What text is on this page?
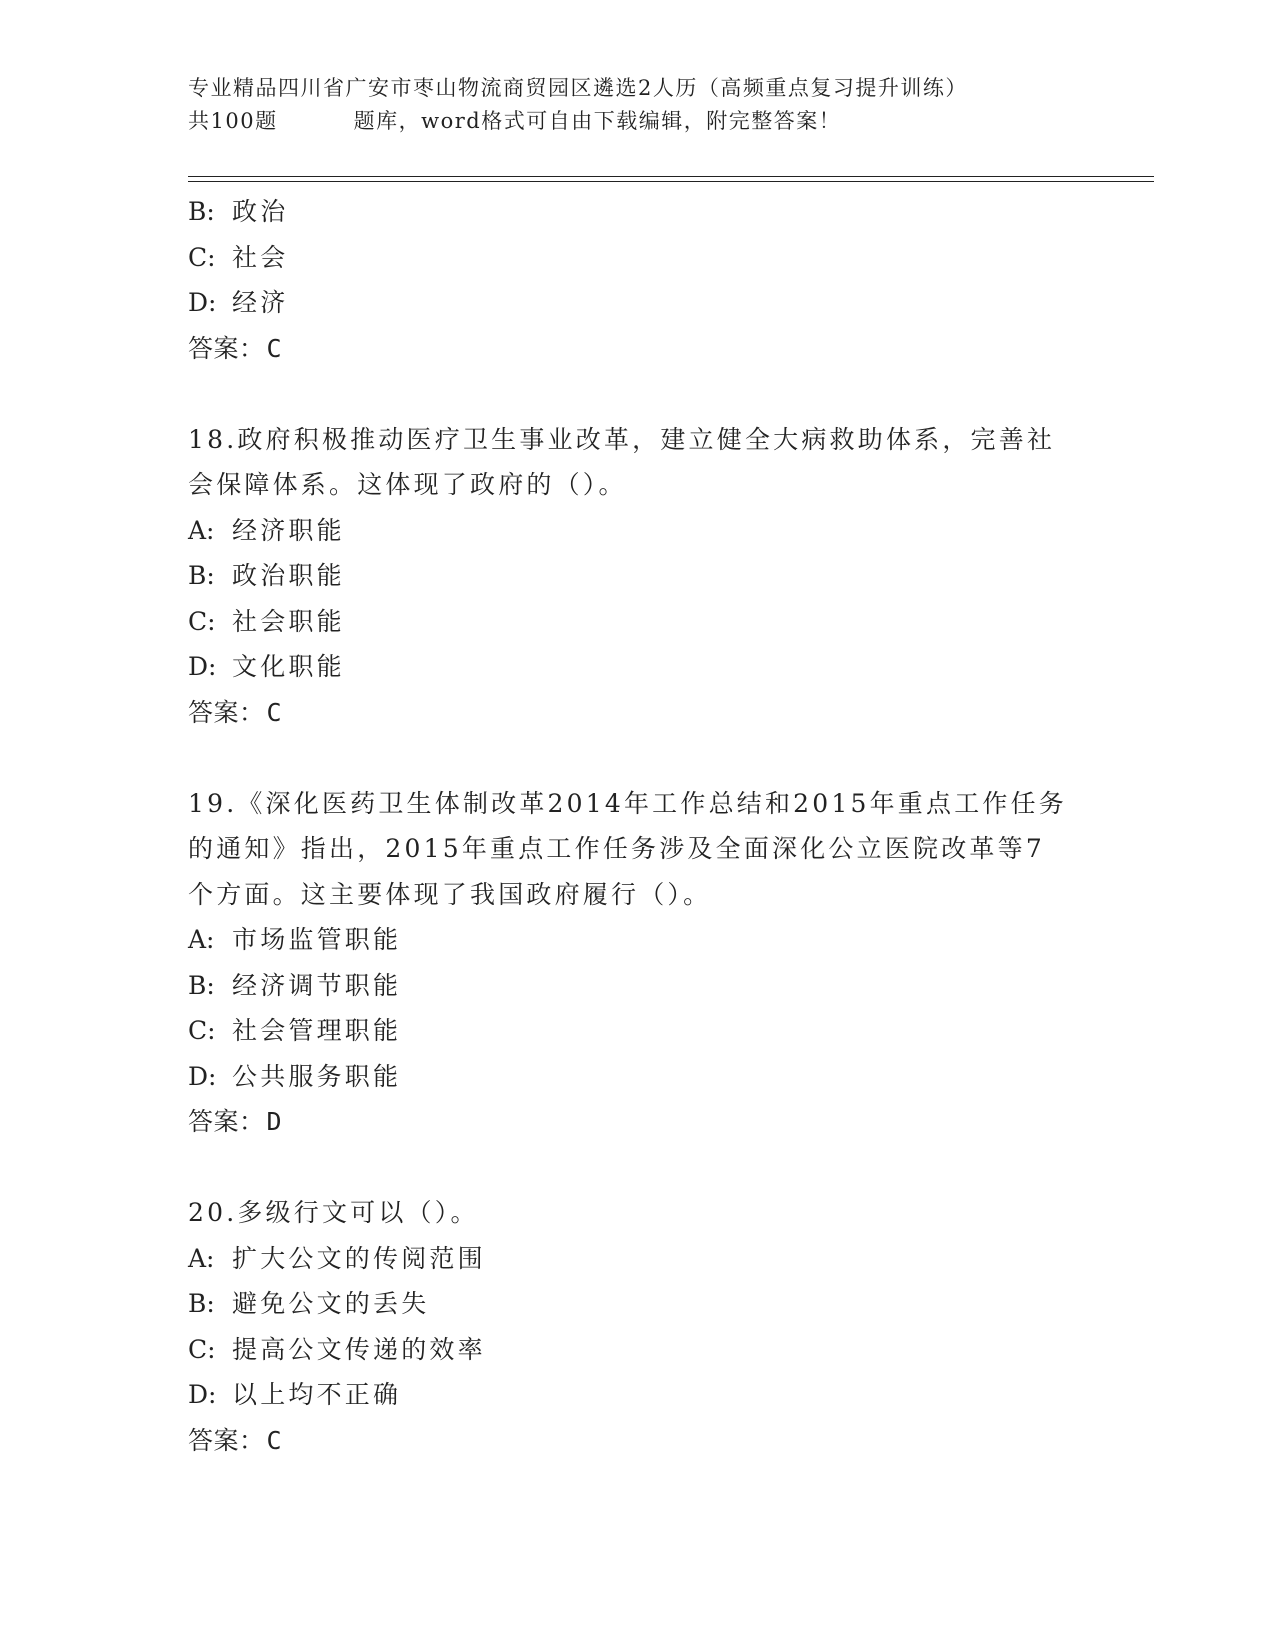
专业精品四川省广安市枣山物流商贸园区遴选2人历（高频重点复习提升训练）
共100题	题库，word格式可自由下载编辑，附完整答案！
B: 政治
C: 社会
D: 经济
答案：C
18.政府积极推动医疗卫生事业改革，建立健全大病救助体系，完善社
会保障体系。这体现了政府的（）。
A: 经济职能
B: 政治职能
C: 社会职能
D: 文化职能
答案：C
19.《深化医药卫生体制改革2014年工作总结和2015年重点工作任务
的通知》指出，2015年重点工作任务涉及全面深化公立医院改革等7
个方面。这主要体现了我国政府履行（）。
A: 市场监管职能
B: 经济调节职能
C: 社会管理职能
D: 公共服务职能
答案：D
20.多级行文可以（）。
A: 扩大公文的传阅范围
B: 避免公文的丢失
C: 提高公文传递的效率
D: 以上均不正确
答案：C
